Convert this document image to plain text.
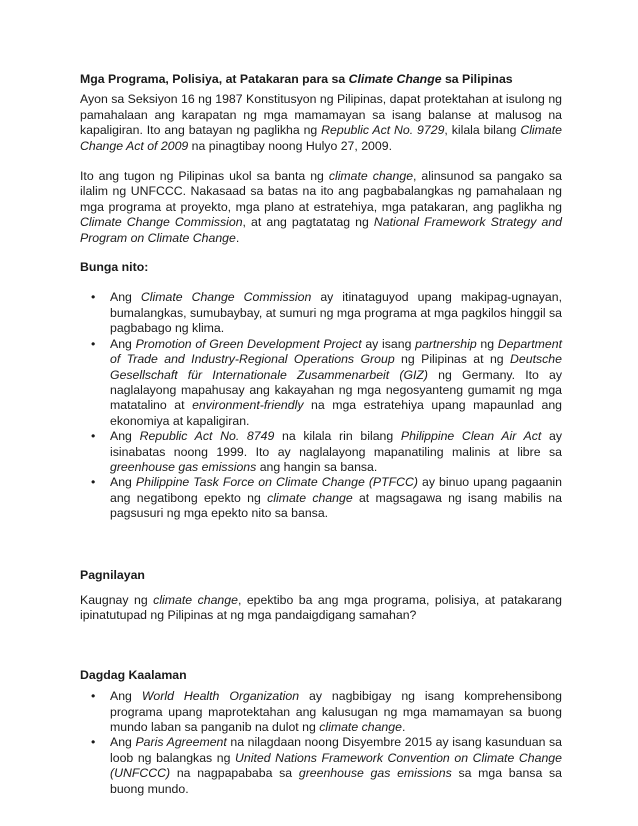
Mga Programa, Polisiya, at Patakaran para sa Climate Change sa Pilipinas

Ayon sa Seksiyon 16 ng 1987 Konstitusyon ng Pilipinas, dapat protektahan at isulong ng pamahalaan ang karapatan ng mga mamamayan sa isang balanse at malusog na kapaligiran. Ito ang batayan ng paglikha ng Republic Act No. 9729, kilala bilang Climate Change Act of 2009 na pinagtibay noong Hulyo 27, 2009.

Ito ang tugon ng Pilipinas ukol sa banta ng climate change, alinsunod sa pangako sa ilalim ng UNFCCC. Nakasaad sa batas na ito ang pagbabalangkas ng pamahalaan ng mga programa at proyekto, mga plano at estratehiya, mga patakaran, ang paglikha ng Climate Change Commission, at ang pagtatatag ng National Framework Strategy and Program on Climate Change.

Bunga nito:
• Ang Climate Change Commission ay itinataguyod upang makipag-ugnayan, bumalangkas, sumubaybay, at sumuri ng mga programa at mga pagkilos hinggil sa pagbabago ng klima.
• Ang Promotion of Green Development Project ay isang partnership ng Department of Trade and Industry-Regional Operations Group ng Pilipinas at ng Deutsche Gesellschaft für Internationale Zusammenarbeit (GIZ) ng Germany. Ito ay naglalayong mapahusay ang kakayahan ng mga negosyanteng gumamit ng mga matatalino at environment-friendly na mga estratehiya upang mapaunlad ang ekonomiya at kapaligiran.
• Ang Republic Act No. 8749 na kilala rin bilang Philippine Clean Air Act ay isinabatas noong 1999. Ito ay naglalayong mapanatiling malinis at libre sa greenhouse gas emissions ang hangin sa bansa.
• Ang Philippine Task Force on Climate Change (PTFCC) ay binuo upang pagaanin ang negatibong epekto ng climate change at magsagawa ng isang mabilis na pagsusuri ng mga epekto nito sa bansa.
Pagnilayan

Kaugnay ng climate change, epektibo ba ang mga programa, polisiya, at patakarang ipinatutupad ng Pilipinas at ng mga pandaigdigang samahan?

Dagdag Kaalaman
• Ang World Health Organization ay nagbibigay ng isang komprehensibong programa upang maprotektahan ang kalusugan ng mga mamamayan sa buong mundo laban sa panganib na dulot ng climate change.
• Ang Paris Agreement na nilagdaan noong Disyembre 2015 ay isang kasunduan sa loob ng balangkas ng United Nations Framework Convention on Climate Change (UNFCCC) na nagpapababa sa greenhouse gas emissions sa mga bansa sa buong mundo.
